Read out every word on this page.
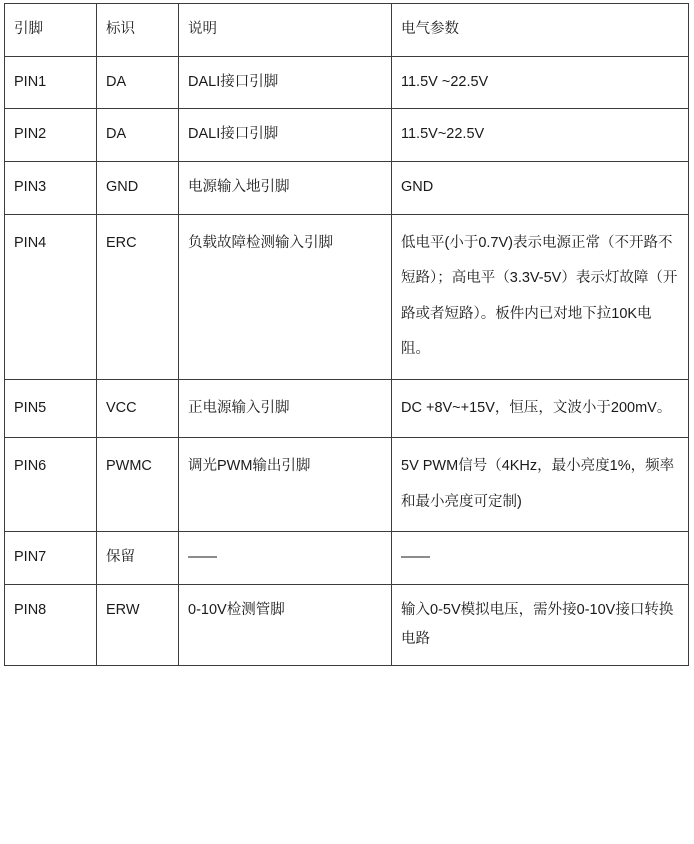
引脚	标识	说明	电气参数

PIN1	DA	DALI接口引脚	11.5V ~22.5V

PIN2	DA	DALI接口引脚	11.5V~22.5V

PIN3	GND	电源输入地引脚	GND

PIN4	ERC	负载故障检测输入引脚	低电平(小于0.7V)表示电源正常（不开路不短路）；高电平（3.3V-5V）表示灯故障（开路或者短路）。板件内已对地下拉10K电阻。

PIN5	VCC	正电源输入引脚	DC +8V~+15V，恒压，文波小于200mV。

PIN6	PWMC	调光PWM输出引脚	5V PWM信号（4KHz，最小亮度1%，频率和最小亮度可定制)

PIN7	保留	——	——

PIN8	ERW	0-10V检测管脚	输入0-5V模拟电压，需外接0-10V接口转换电路
